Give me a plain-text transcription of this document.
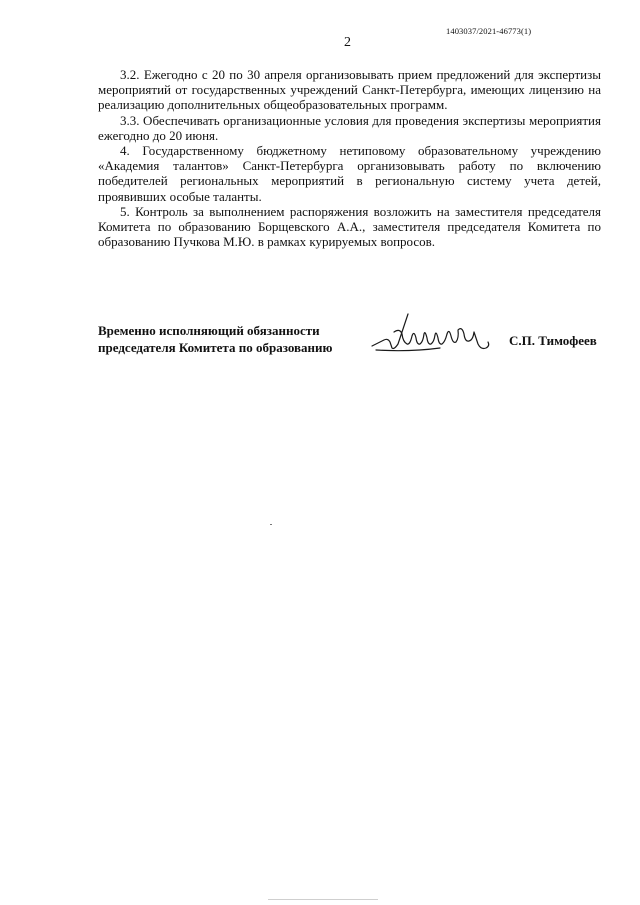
1403037/2021-46773(1)
2

3.2. Ежегодно с 20 по 30 апреля организовывать прием предложений для экспертизы мероприятий от государственных учреждений Санкт-Петербурга, имеющих лицензию на реализацию дополнительных общеобразовательных программ.

3.3. Обеспечивать организационные условия для проведения экспертизы мероприятия ежегодно до 20 июня.

4. Государственному бюджетному нетиповому образовательному учреждению «Академия талантов» Санкт-Петербурга организовывать работу по включению победителей региональных мероприятий в региональную систему учета детей, проявивших особые таланты.

5. Контроль за выполнением распоряжения возложить на заместителя председателя Комитета по образованию Борщевского А.А., заместителя председателя Комитета по образованию Пучкова М.Ю. в рамках курируемых вопросов.

Временно исполняющий обязанности
председателя Комитета по образованию	С.П. Тимофеев
